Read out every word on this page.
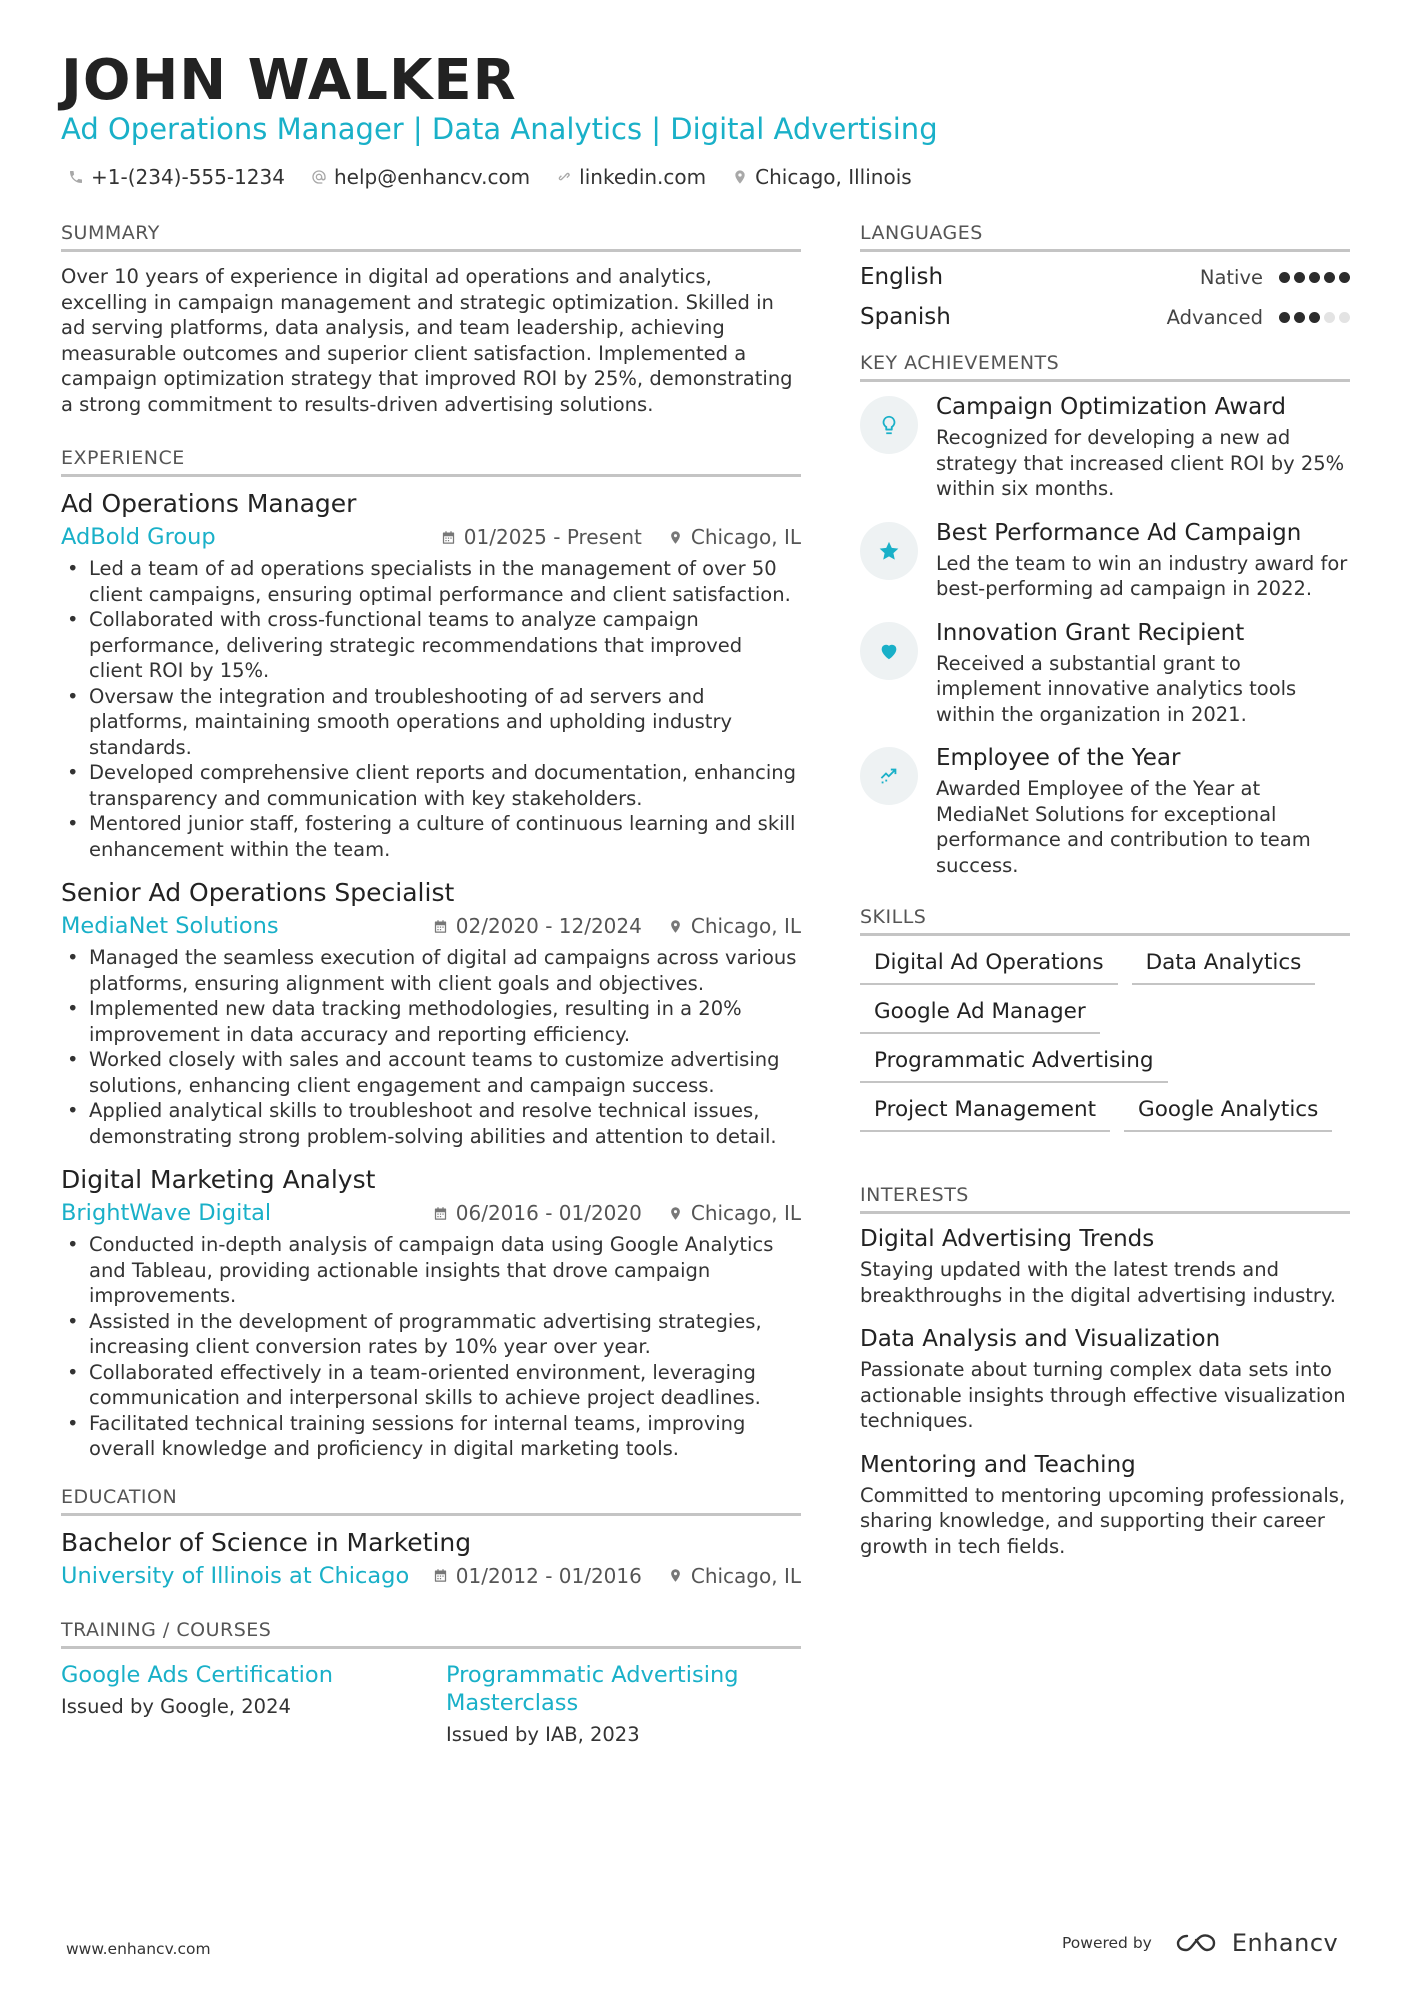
JOHN WALKER
Ad Operations Manager | Data Analytics | Digital Advertising
+1-(234)-555-1234 help@enhancv.com linkedin.com Chicago, Illinois
SUMMARY

Over 10 years of experience in digital ad operations and analytics, excelling in campaign management and strategic optimization. Skilled in ad serving platforms, data analysis, and team leadership, achieving measurable outcomes and superior client satisfaction. Implemented a campaign optimization strategy that improved ROI by 25%, demonstrating a strong commitment to results-driven advertising solutions.

EXPERIENCE
Ad Operations Manager
AdBold Group	01/2025 - Present Chicago, IL
• Led a team of ad operations specialists in the management of over 50 client campaigns, ensuring optimal performance and client satisfaction.
• Collaborated with cross-functional teams to analyze campaign performance, delivering strategic recommendations that improved client ROI by 15%.
• Oversaw the integration and troubleshooting of ad servers and platforms, maintaining smooth operations and upholding industry standards.
• Developed comprehensive client reports and documentation, enhancing transparency and communication with key stakeholders.
• Mentored junior staff, fostering a culture of continuous learning and skill enhancement within the team.
Senior Ad Operations Specialist
MediaNet Solutions	02/2020 - 12/2024 Chicago, IL
• Managed the seamless execution of digital ad campaigns across various platforms, ensuring alignment with client goals and objectives.
• Implemented new data tracking methodologies, resulting in a 20% improvement in data accuracy and reporting efficiency.
• Worked closely with sales and account teams to customize advertising solutions, enhancing client engagement and campaign success.
• Applied analytical skills to troubleshoot and resolve technical issues, demonstrating strong problem-solving abilities and attention to detail.
Digital Marketing Analyst
BrightWave Digital	06/2016 - 01/2020 Chicago, IL
• Conducted in-depth analysis of campaign data using Google Analytics and Tableau, providing actionable insights that drove campaign improvements.
• Assisted in the development of programmatic advertising strategies, increasing client conversion rates by 10% year over year.
• Collaborated effectively in a team-oriented environment, leveraging communication and interpersonal skills to achieve project deadlines.
• Facilitated technical training sessions for internal teams, improving overall knowledge and proficiency in digital marketing tools.
EDUCATION
Bachelor of Science in Marketing
University of Illinois at Chicago 01/2012 - 01/2016 Chicago, IL
TRAINING / COURSES
Google Ads Certification
Issued by Google, 2024
Programmatic Advertising Masterclass
Issued by IAB, 2023
LANGUAGES
English	Native
Spanish	Advanced
KEY ACHIEVEMENTS
Campaign Optimization Award
Recognized for developing a new ad strategy that increased client ROI by 25% within six months.
Best Performance Ad Campaign
Led the team to win an industry award for best-performing ad campaign in 2022.
Innovation Grant Recipient
Received a substantial grant to implement innovative analytics tools within the organization in 2021.
Employee of the Year
Awarded Employee of the Year at MediaNet Solutions for exceptional performance and contribution to team success.
SKILLS
Digital Ad Operations	Data Analytics
Google Ad Manager
Programmatic Advertising
Project Management	Google Analytics
INTERESTS
Digital Advertising Trends
Staying updated with the latest trends and breakthroughs in the digital advertising industry.
Data Analysis and Visualization
Passionate about turning complex data sets into actionable insights through effective visualization techniques.
Mentoring and Teaching
Committed to mentoring upcoming professionals, sharing knowledge, and supporting their career growth in tech fields.
www.enhancv.com	Powered by	Enhancv
